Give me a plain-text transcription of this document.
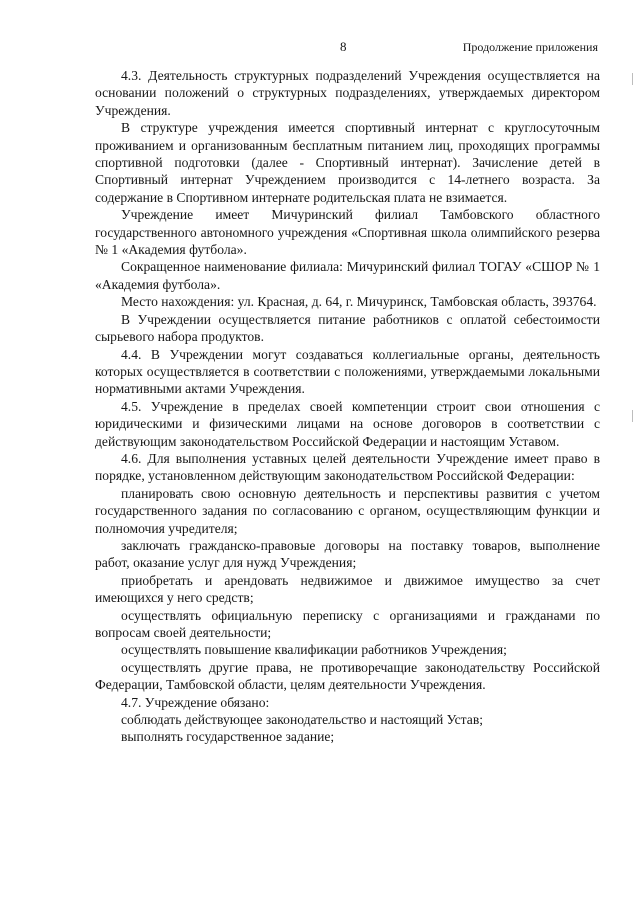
8	Продолжение приложения

4.3. Деятельность структурных подразделений Учреждения осуществляется на основании положений о структурных подразделениях, утверждаемых директором Учреждения.

В структуре учреждения имеется спортивный интернат с круглосуточным проживанием и организованным бесплатным питанием лиц, проходящих программы спортивной подготовки (далее - Спортивный интернат). Зачисление детей в Спортивный интернат Учреждением производится с 14-летнего возраста. За содержание в Спортивном интернате родительская плата не взимается.

Учреждение имеет Мичуринский филиал Тамбовского областного государственного автономного учреждения «Спортивная школа олимпийского резерва № 1 «Академия футбола».

Сокращенное наименование филиала: Мичуринский филиал ТОГАУ «СШОР № 1 «Академия футбола».

Место нахождения: ул. Красная, д. 64, г. Мичуринск, Тамбовская область, 393764.

В Учреждении осуществляется питание работников с оплатой себестоимости сырьевого набора продуктов.

4.4. В Учреждении могут создаваться коллегиальные органы, деятельность которых осуществляется в соответствии с положениями, утверждаемыми локальными нормативными актами Учреждения.

4.5. Учреждение в пределах своей компетенции строит свои отношения с юридическими и физическими лицами на основе договоров в соответствии с действующим законодательством Российской Федерации и настоящим Уставом.

4.6. Для выполнения уставных целей деятельности Учреждение имеет право в порядке, установленном действующим законодательством Российской Федерации:

планировать свою основную деятельность и перспективы развития с учетом государственного задания по согласованию с органом, осуществляющим функции и полномочия учредителя;

заключать гражданско-правовые договоры на поставку товаров, выполнение работ, оказание услуг для нужд Учреждения;

приобретать и арендовать недвижимое и движимое имущество за счет имеющихся у него средств;

осуществлять официальную переписку с организациями и гражданами по вопросам своей деятельности;

осуществлять повышение квалификации работников Учреждения;

осуществлять другие права, не противоречащие законодательству Российской Федерации, Тамбовской области, целям деятельности Учреждения.

4.7. Учреждение обязано:

соблюдать действующее законодательство и настоящий Устав;

выполнять государственное задание;
